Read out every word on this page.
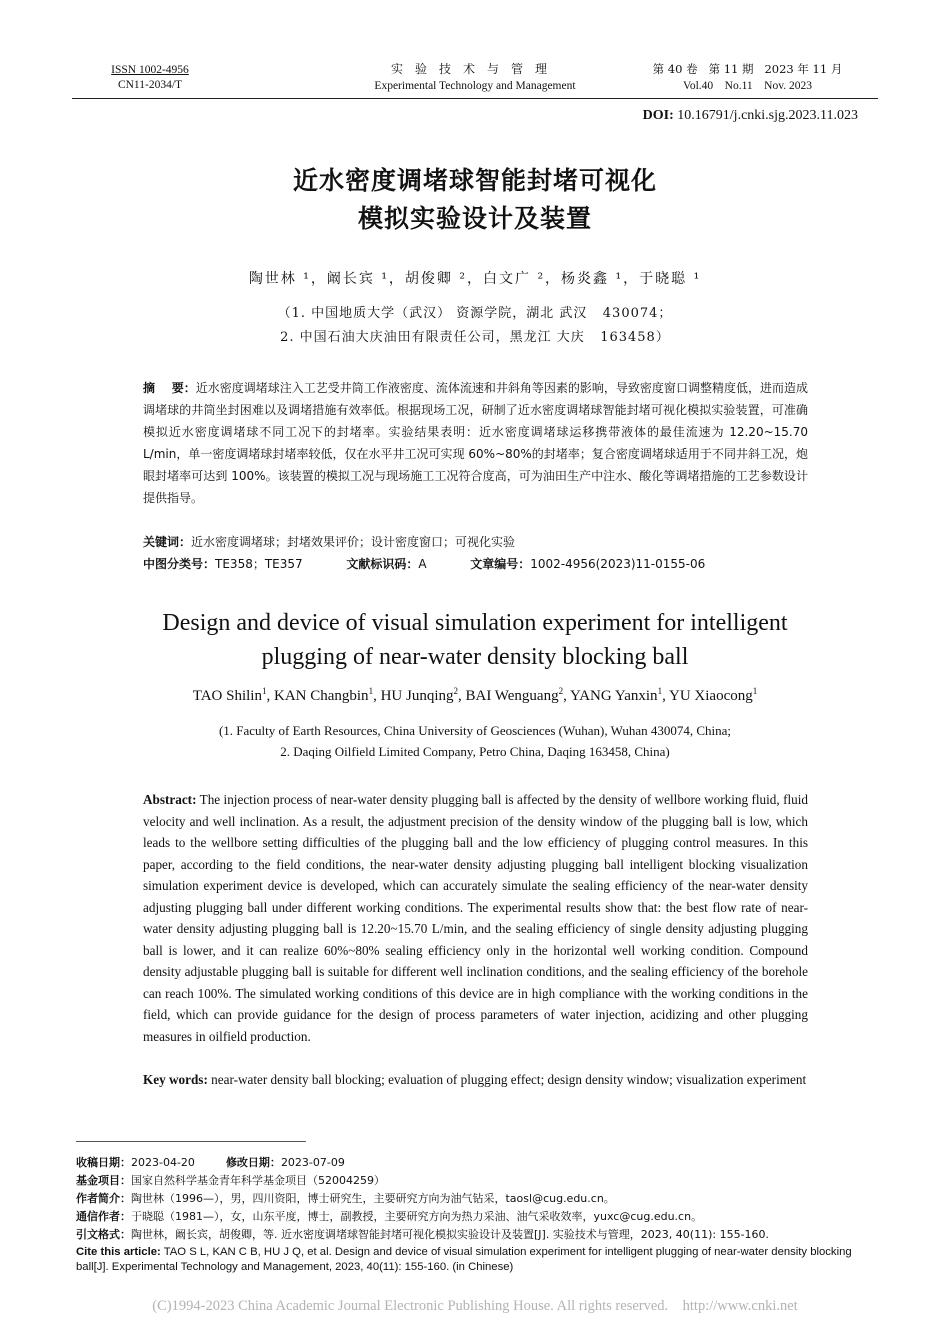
ISSN 1002-4956
CN11-2034/T
实验技术与管理
Experimental Technology and Management
第 40 卷   第 11 期   2023 年 11 月
Vol.40    No.11    Nov. 2023
DOI: 10.16791/j.cnki.sjg.2023.11.023
近水密度调堵球智能封堵可视化
模拟实验设计及装置
陶世林 ¹，阚长宾 ¹，胡俊卿 ²，白文广 ²，杨炎鑫 ¹，于晓聪 ¹
（1. 中国地质大学（武汉） 资源学院，湖北 武汉   430074；
2. 中国石油大庆油田有限责任公司，黑龙江 大庆   163458）
摘    要：近水密度调堵球注入工艺受井筒工作液密度、流体流速和井斜角等因素的影响，导致密度窗口调整精度低，进而造成调堵球的井筒坐封困难以及调堵措施有效率低。根据现场工况，研制了近水密度调堵球智能封堵可视化模拟实验装置，可准确模拟近水密度调堵球不同工况下的封堵率。实验结果表明：近水密度调堵球运移携带液体的最佳流速为 12.20~15.70 L/min，单一密度调堵球封堵率较低，仅在水平井工况可实现 60%~80%的封堵率；复合密度调堵球适用于不同井斜工况，炮眼封堵率可达到 100%。该装置的模拟工况与现场施工工况符合度高，可为油田生产中注水、酸化等调堵措施的工艺参数设计提供指导。
关键词：近水密度调堵球；封堵效果评价；设计密度窗口；可视化实验
中图分类号：TE358；TE357	文献标识码：A	文章编号：1002-4956(2023)11-0155-06
Design and device of visual simulation experiment for intelligent
plugging of near-water density blocking ball
TAO Shilin$^1$, KAN Changbin$^1$, HU Junqing$^2$, BAI Wenguang$^2$, YANG Yanxin$^1$, YU Xiaocong$^1$
(1. Faculty of Earth Resources, China University of Geosciences (Wuhan), Wuhan 430074, China;
2. Daqing Oilfield Limited Company, Petro China, Daqing 163458, China)
Abstract: The injection process of near-water density plugging ball is affected by the density of wellbore working fluid, fluid velocity and well inclination. As a result, the adjustment precision of the density window of the plugging ball is low, which leads to the wellbore setting difficulties of the plugging ball and the low efficiency of plugging control measures. In this paper, according to the field conditions, the near-water density adjusting plugging ball intelligent blocking visualization simulation experiment device is developed, which can accurately simulate the sealing efficiency of the near-water density adjusting plugging ball under different working conditions. The experimental results show that: the best flow rate of near-water density adjusting plugging ball is 12.20~15.70 L/min, and the sealing efficiency of single density adjusting plugging ball is lower, and it can realize 60%~80% sealing efficiency only in the horizontal well working condition. Compound density adjustable plugging ball is suitable for different well inclination conditions, and the sealing efficiency of the borehole can reach 100%. The simulated working conditions of this device are in high compliance with the working conditions in the field, which can provide guidance for the design of process parameters of water injection, acidizing and other plugging measures in oilfield production.
Key words: near-water density ball blocking; evaluation of plugging effect; design density window; visualization experiment
收稿日期：2023-04-20	修改日期：2023-07-09
基金项目：国家自然科学基金青年科学基金项目（52004259）
作者简介：陶世林（1996—），男，四川资阳，博士研究生，主要研究方向为油气钻采，taosl@cug.edu.cn。
通信作者：于晓聪（1981—），女，山东平度，博士，副教授，主要研究方向为热力采油、油气采收效率，yuxc@cug.edu.cn。
引文格式：陶世林，阚长宾，胡俊卿，等. 近水密度调堵球智能封堵可视化模拟实验设计及装置[J]. 实验技术与管理，2023, 40(11): 155-160.
Cite this article: TAO S L, KAN C B, HU J Q, et al. Design and device of visual simulation experiment for intelligent plugging of near-water density blocking ball[J]. Experimental Technology and Management, 2023, 40(11): 155-160. (in Chinese)
(C)1994-2023 China Academic Journal Electronic Publishing House. All rights reserved.    http://www.cnki.net
